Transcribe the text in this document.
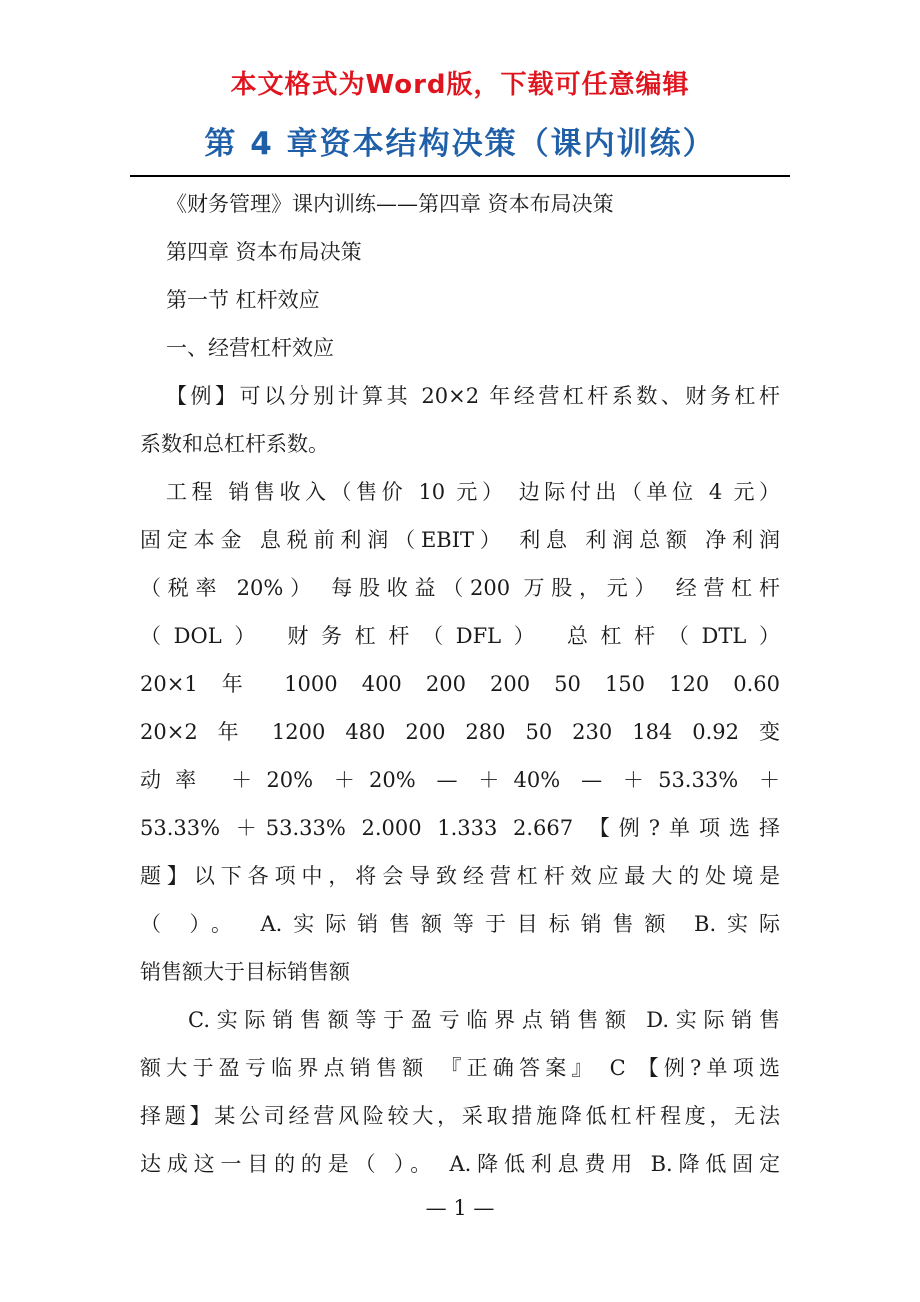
本文格式为Word版，下载可任意编辑
第 4 章资本结构决策（课内训练）
《财务管理》课内训练——第四章 资本布局决策
第四章 资本布局决策
第一节 杠杆效应
一、经营杠杆效应
【例】可以分别计算其 20×2 年经营杠杆系数、财务杠杆
系数和总杠杆系数。
工程 销售收入（售价 10 元） 边际付出（单位 4 元）
固定本金 息税前利润（EBIT） 利息 利润总额 净利润
（税率 20%） 每股收益（200 万股，元） 经营杠杆
（DOL） 财务杠杆（DFL） 总杠杆（DTL）
20×1 年 1000 400 200 200 50 150 120 0.60
20×2 年 1200 480 200 280 50 230 184 0.92 变
动率 ＋20% ＋20% — ＋40% — ＋53.33% ＋
53.33% ＋53.33% 2.000 1.333 2.667 【例?单项选择
题】以下各项中，将会导致经营杠杆效应最大的处境是
（ ）。 A.实际销售额等于目标销售额 B.实际
销售额大于目标销售额
C.实际销售额等于盈亏临界点销售额 D.实际销售
额大于盈亏临界点销售额 『正确答案』 C 【例?单项选
择题】某公司经营风险较大，采取措施降低杠杆程度，无法
达成这一目的的是（ ）。 A.降低利息费用 B.降低固定
— 1 —
